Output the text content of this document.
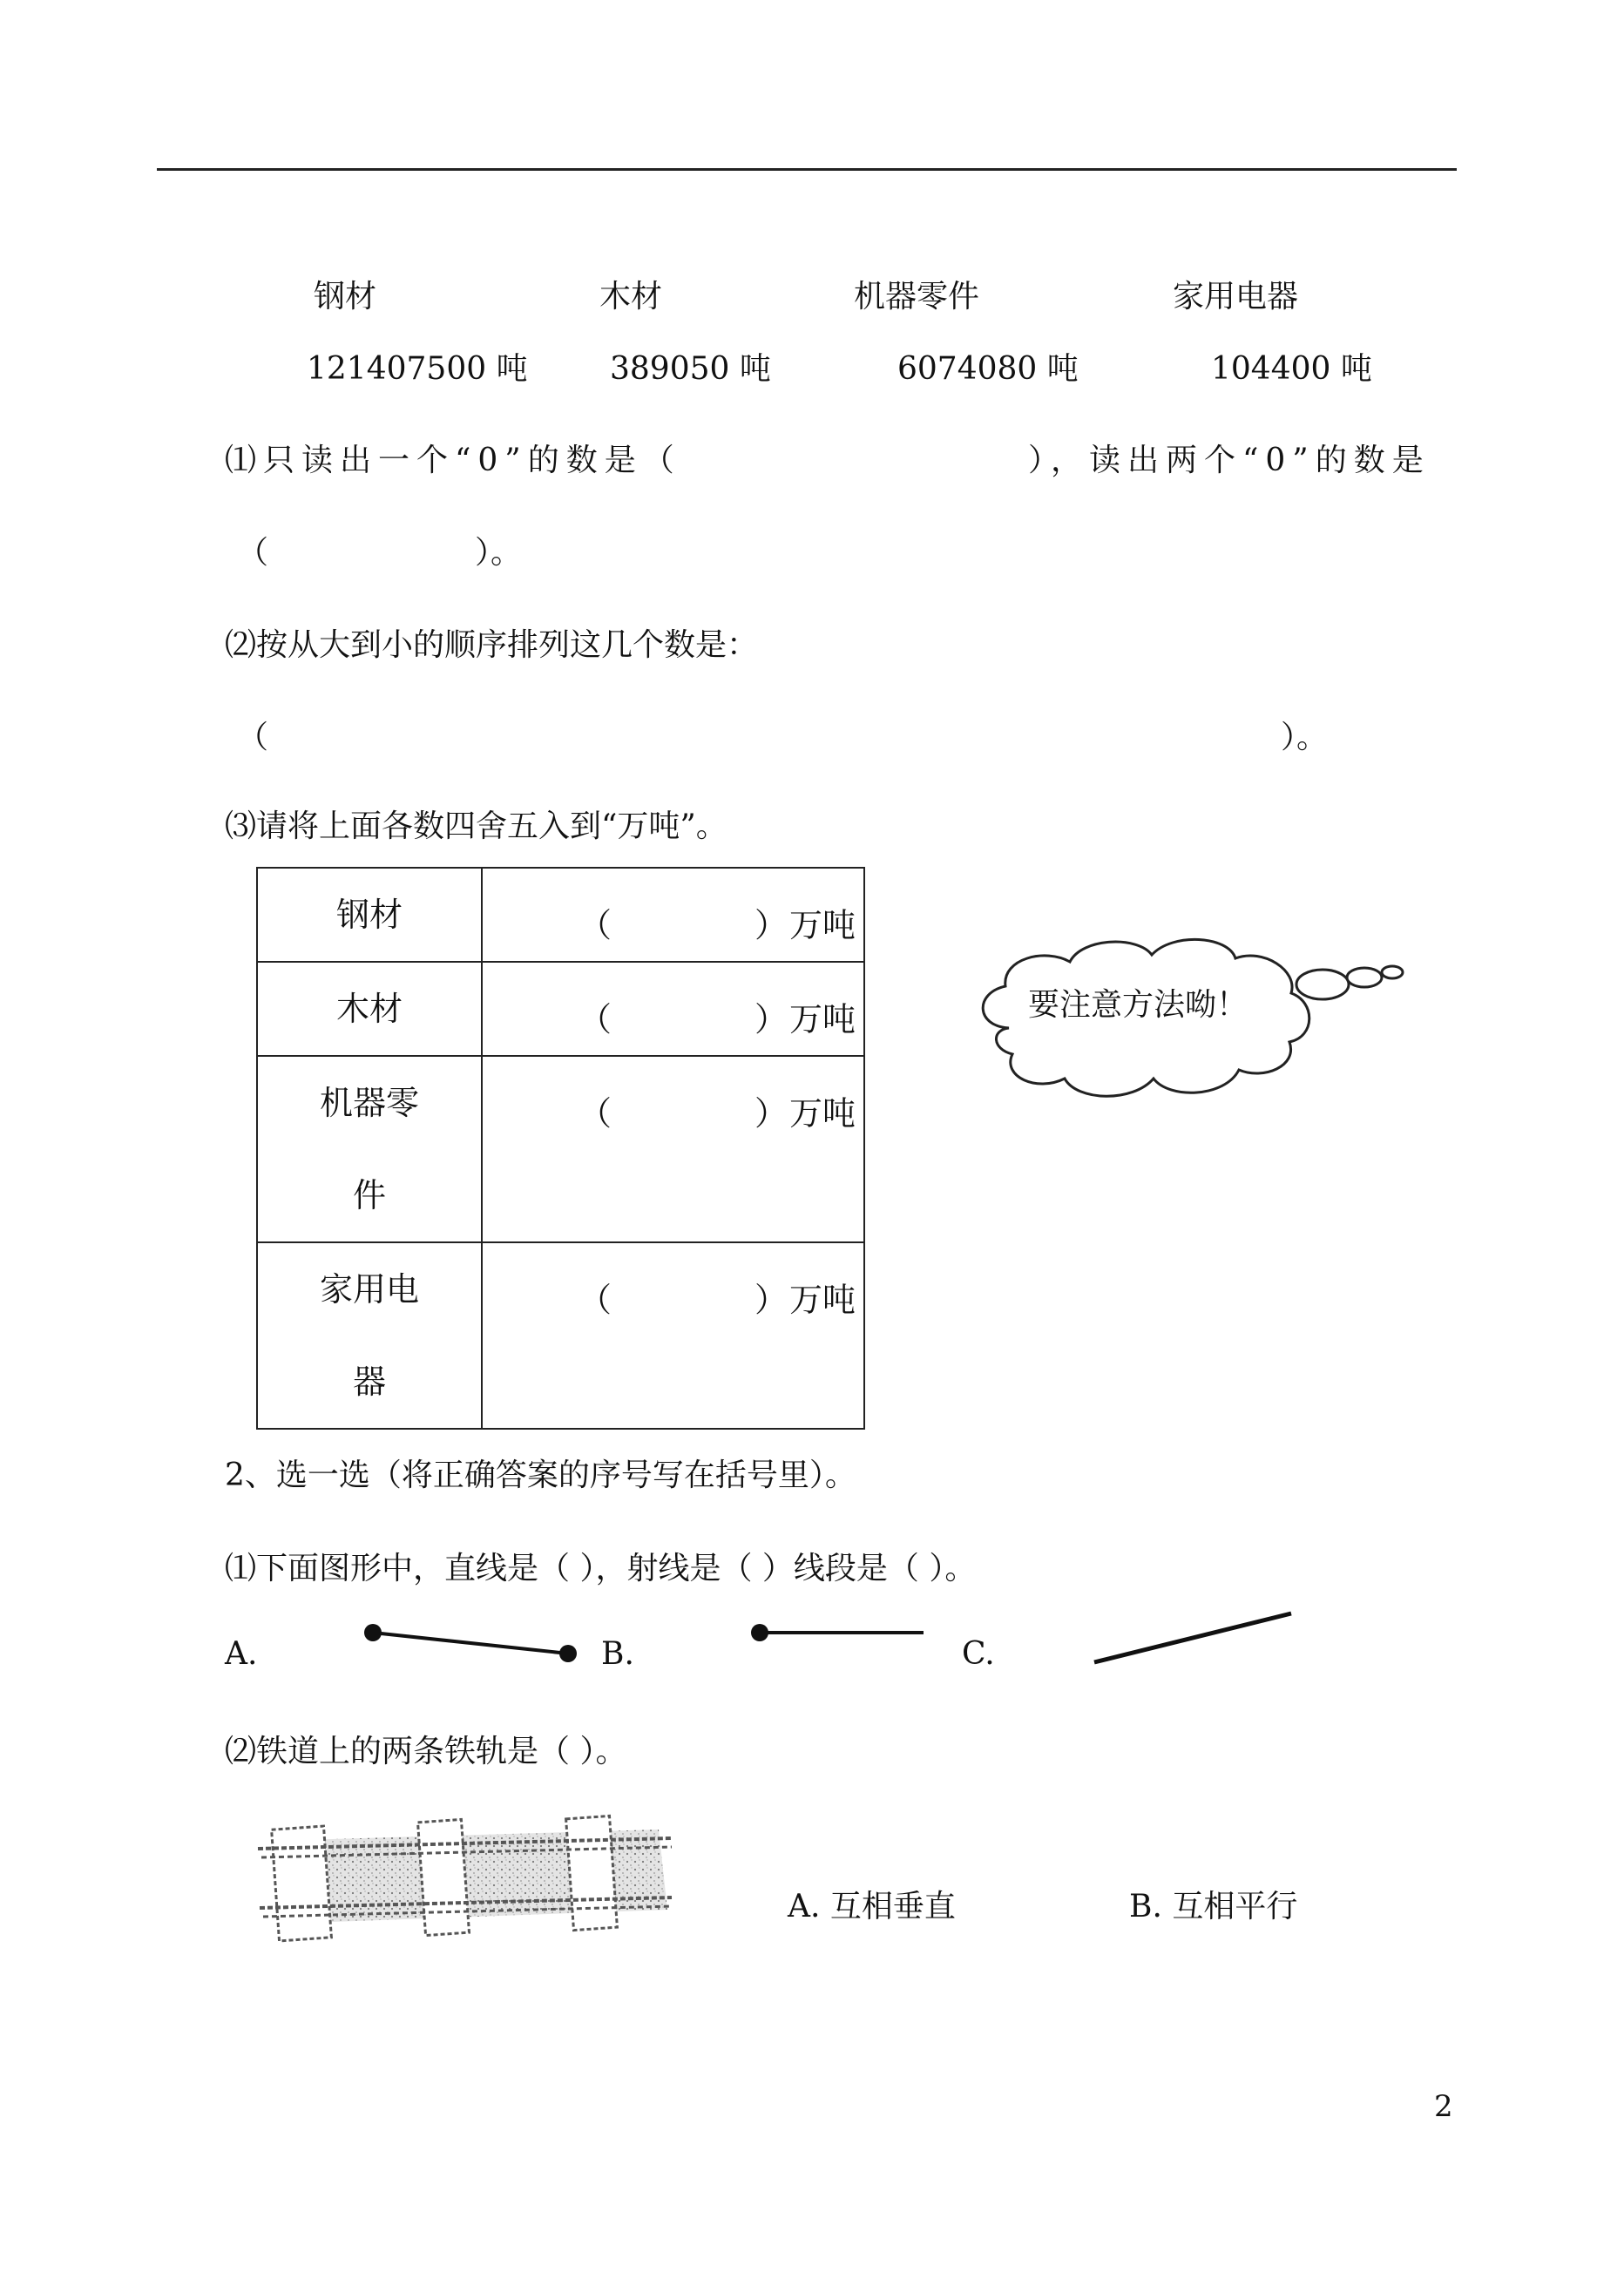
钢材	木材	机器零件	家用电器
121407500 吨	389050 吨	6074080 吨	104400 吨
⑴只读出一个“0”的数是（	），读出两个“0”的数是
（	）。
⑵按从大到小的顺序排列这几个数是：
（	）。
⑶请将上面各数四舍五入到“万吨”。
钢材	（ ） 万吨

木材	（ ） 万吨

机器零
件	（ ） 万吨

家用电
器	（ ） 万吨
要注意方法呦！
2、选一选（将正确答案的序号写在括号里）。
⑴下面图形中，直线是（ ），射线是（ ）线段是（ ）。
A.	B.	C.
⑵铁道上的两条铁轨是（ ）。
A. 互相垂直	B. 互相平行
2
